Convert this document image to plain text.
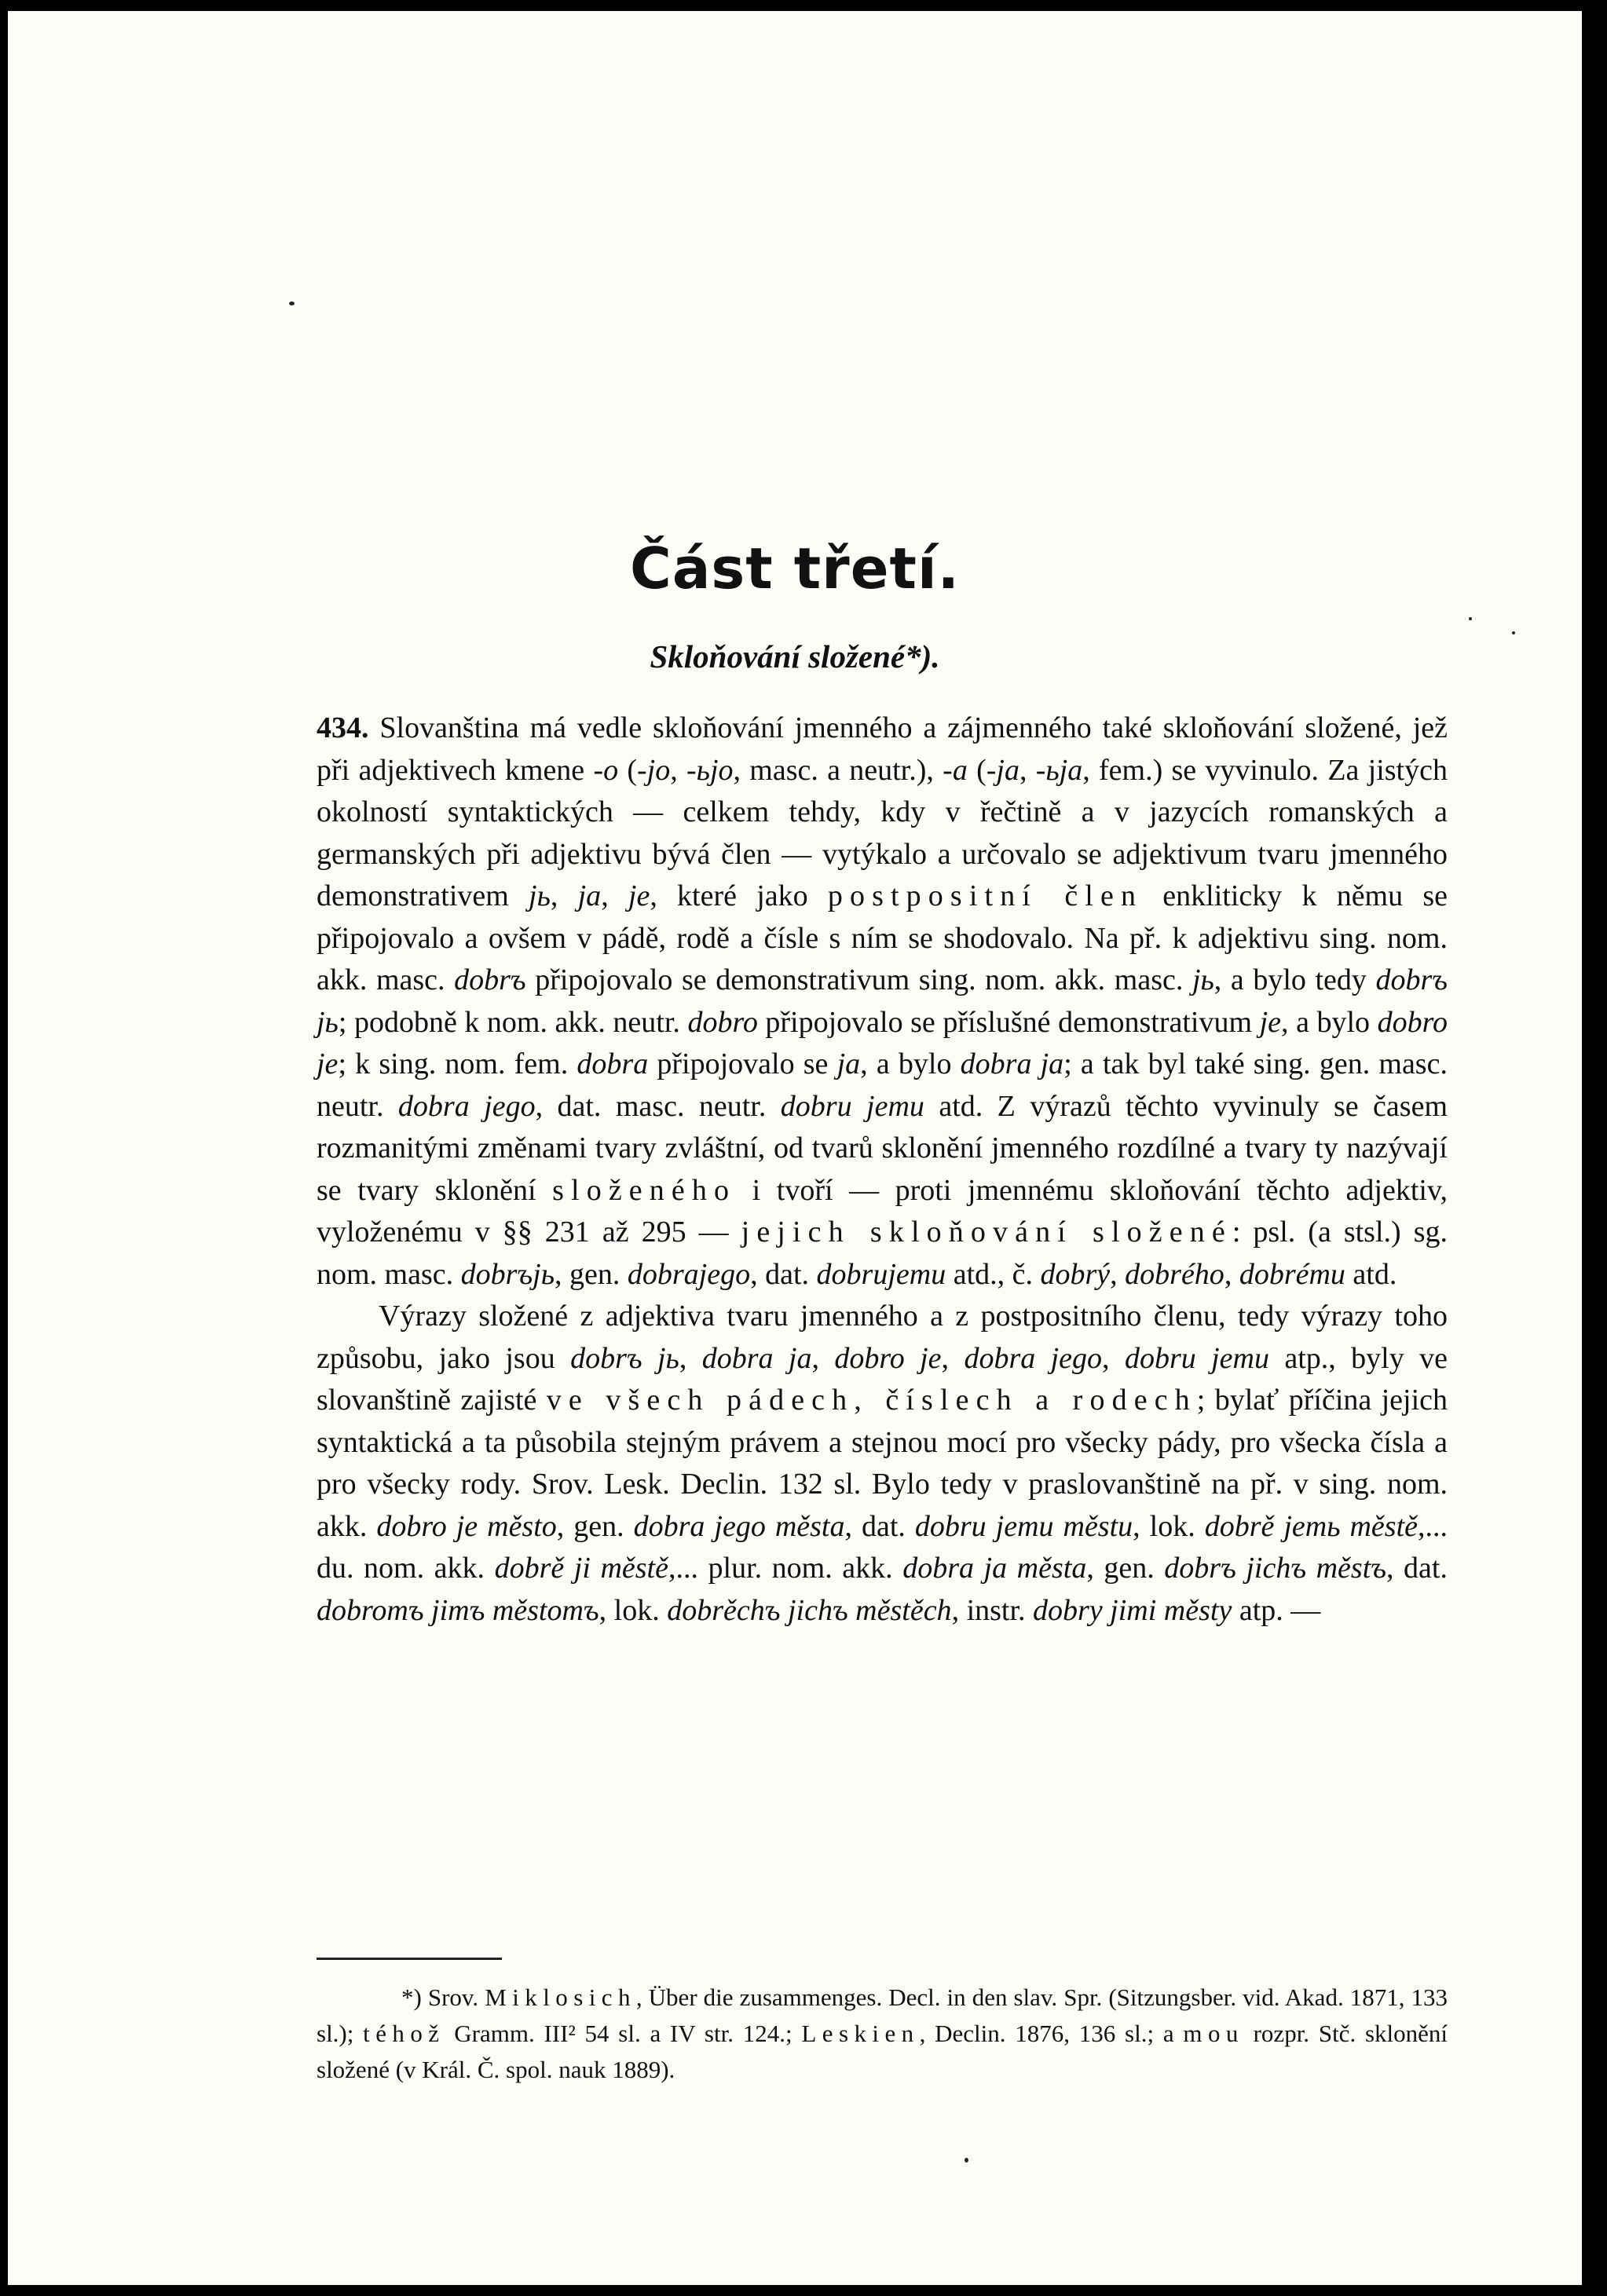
Část třetí.
Skloňování složené*).

434. Slovanština má vedle skloňování jmenného a zájmenného také skloňování složené, jež při adjektivech kmene -o (-jo, -ьjo, masc. a neutr.), -a (-ja, -ьja, fem.) se vyvinulo. Za jistých okolností syntaktických — celkem tehdy, kdy v řečtině a v jazycích romanských a germanských při adjektivu bývá člen — vytýkalo a určovalo se adjektivum tvaru jmenného demonstrativem jь, ja, je, které jako postpositní člen enkliticky k němu se připojovalo a ovšem v pádě, rodě a čísle s ním se shodovalo. Na př. k adjektivu sing. nom. akk. masc. dobrъ připojovalo se demonstrativum sing. nom. akk. masc. jь, a bylo tedy dobrъ jь; podobně k nom. akk. neutr. dobro připojovalo se příslušné demonstrativum je, a bylo dobro je; k sing. nom. fem. dobra připojovalo se ja, a bylo dobra ja; a tak byl také sing. gen. masc. neutr. dobra jego, dat. masc. neutr. dobru jemu atd. Z výrazů těchto vyvinuly se časem rozmanitými změnami tvary zvláštní, od tvarů sklonění jmenného rozdílné a tvary ty nazývají se tvary sklonění složeného i tvoří — proti jmennému skloňování těchto adjektiv, vyloženému v §§ 231 až 295 — jejich skloňování složené: psl. (a stsl.) sg. nom. masc. dobrъjь, gen. dobrajego, dat. dobrujemu atd., č. dobrý, dobrého, dobrému atd.

Výrazy složené z adjektiva tvaru jmenného a z postpositního členu, tedy výrazy toho způsobu, jako jsou dobrъ jь, dobra ja, dobro je, dobra jego, dobru jemu atp., byly ve slovanštině zajisté ve všech pádech, číslech a rodech; bylať příčina jejich syntaktická a ta působila stejným právem a stejnou mocí pro všecky pády, pro všecka čísla a pro všecky rody. Srov. Lesk. Declin. 132 sl. Bylo tedy v praslovanštině na př. v sing. nom. akk. dobro je město, gen. dobra jego města, dat. dobru jemu městu, lok. dobrě jemь městě,... du. nom. akk. dobrě ji městě,... plur. nom. akk. dobra ja města, gen. dobrъ jichъ městъ, dat. dobromъ jimъ městomъ, lok. dobrěchъ jichъ městěch, instr. dobry jimi městy atp. —

*) Srov. Miklosich, Über die zusammenges. Decl. in den slav. Spr. (Sitzungsber. vid. Akad. 1871, 133 sl.); téhož Gramm. III² 54 sl. a IV str. 124.; Leskien, Declin. 1876, 136 sl.; a mou rozpr. Stč. sklonění složené (v Král. Č. spol. nauk 1889).
